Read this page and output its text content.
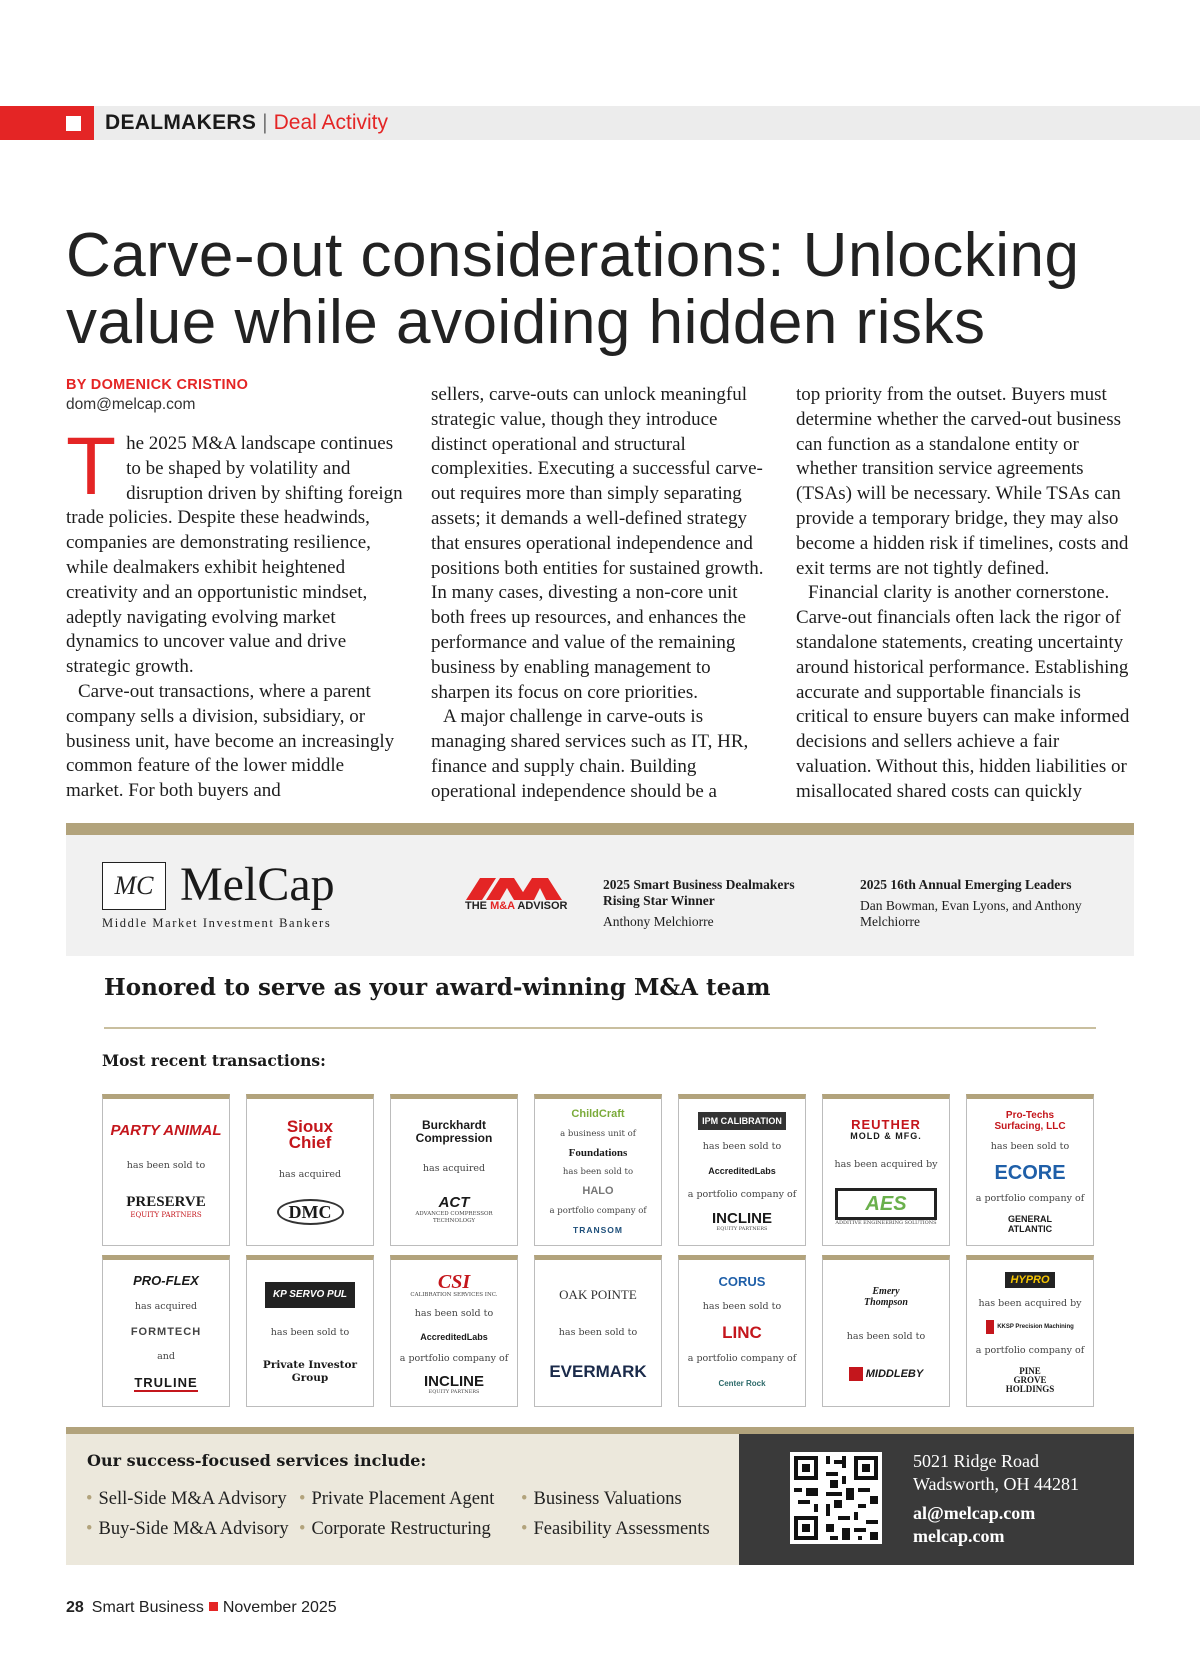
DEALMAKERS | Deal Activity
Carve-out considerations: Unlocking value while avoiding hidden risks
BY DOMENICK CRISTINO
dom@melcap.com

The 2025 M&A landscape continues to be shaped by volatility and disruption driven by shifting foreign trade policies. Despite these headwinds, companies are demonstrating resilience, while dealmakers exhibit heightened creativity and an opportunistic mindset, adeptly navigating evolving market dynamics to uncover value and drive strategic growth.

Carve-out transactions, where a parent company sells a division, subsidiary, or business unit, have become an increasingly common feature of the lower middle market. For both buyers and

sellers, carve-outs can unlock meaningful strategic value, though they introduce distinct operational and structural complexities. Executing a successful carve-out requires more than simply separating assets; it demands a well-defined strategy that ensures operational independence and positions both entities for sustained growth. In many cases, divesting a non-core unit both frees up resources, and enhances the performance and value of the remaining business by enabling management to sharpen its focus on core priorities.

A major challenge in carve-outs is managing shared services such as IT, HR, finance and supply chain. Building operational independence should be a

top priority from the outset. Buyers must determine whether the carved-out business can function as a standalone entity or whether transition service agreements (TSAs) will be necessary. While TSAs can provide a temporary bridge, they may also become a hidden risk if timelines, costs and exit terms are not tightly defined.

Financial clarity is another cornerstone. Carve-out financials often lack the rigor of standalone statements, creating uncertainty around historical performance. Establishing accurate and supportable financials is critical to ensure buyers can make informed decisions and sellers achieve a fair valuation. Without this, hidden liabilities or misallocated shared costs can quickly

MC MelCap
Middle Market Investment Bankers
THE M&A ADVISOR
2025 Smart Business Dealmakers Rising Star Winner
Anthony Melchiorre
2025 16th Annual Emerging Leaders
Dan Bowman, Evan Lyons, and Anthony Melchiorre
Honored to serve as your award-winning M&A team
Most recent transactions:
PARTY ANIMAL
has been sold to
PRESERVE
EQUITY PARTNERS
Sioux
Chief
has acquired
DMC
Burckhardt
Compression
has acquired
ACT
ADVANCED COMPRESSOR TECHNOLOGY
ChildCraft
a business unit of
Foundations
has been sold to
HALO
a portfolio company of
TRANSOM
IPM CALIBRATION
has been sold to
AccreditedLabs
a portfolio company of
INCLINE
EQUITY PARTNERS
REUTHER
MOLD & MFG.
has been acquired by
AES
ADDITIVE ENGINEERING SOLUTIONS
Pro-Techs
Surfacing, LLC
has been sold to
ECORE
a portfolio company of
GENERAL
ATLANTIC
PRO-FLEX
has acquired
FORMTECH
and
TRULINE
KP SERVO PUL
has been sold to
Private Investor
Group
CSI
CALIBRATION SERVICES INC.
has been sold to
AccreditedLabs
a portfolio company of
INCLINE
EQUITY PARTNERS
OAK POINTE
has been sold to
EVERMARK
CORUS
has been sold to
LINC
a portfolio company of
Center Rock
Emery
Thompson
has been sold to
MIDDLEBY
HYPRO
has been acquired by
KKSP Precision Machining
a portfolio company of
PINE
GROVE
HOLDINGS
Our success-focused services include:
• Sell-Side M&A Advisory
• Buy-Side M&A Advisory
• Private Placement Agent
• Corporate Restructuring
• Business Valuations
• Feasibility Assessments
5021 Ridge Road
Wadsworth, OH 44281
al@melcap.com
melcap.com
28 Smart Business November 2025
